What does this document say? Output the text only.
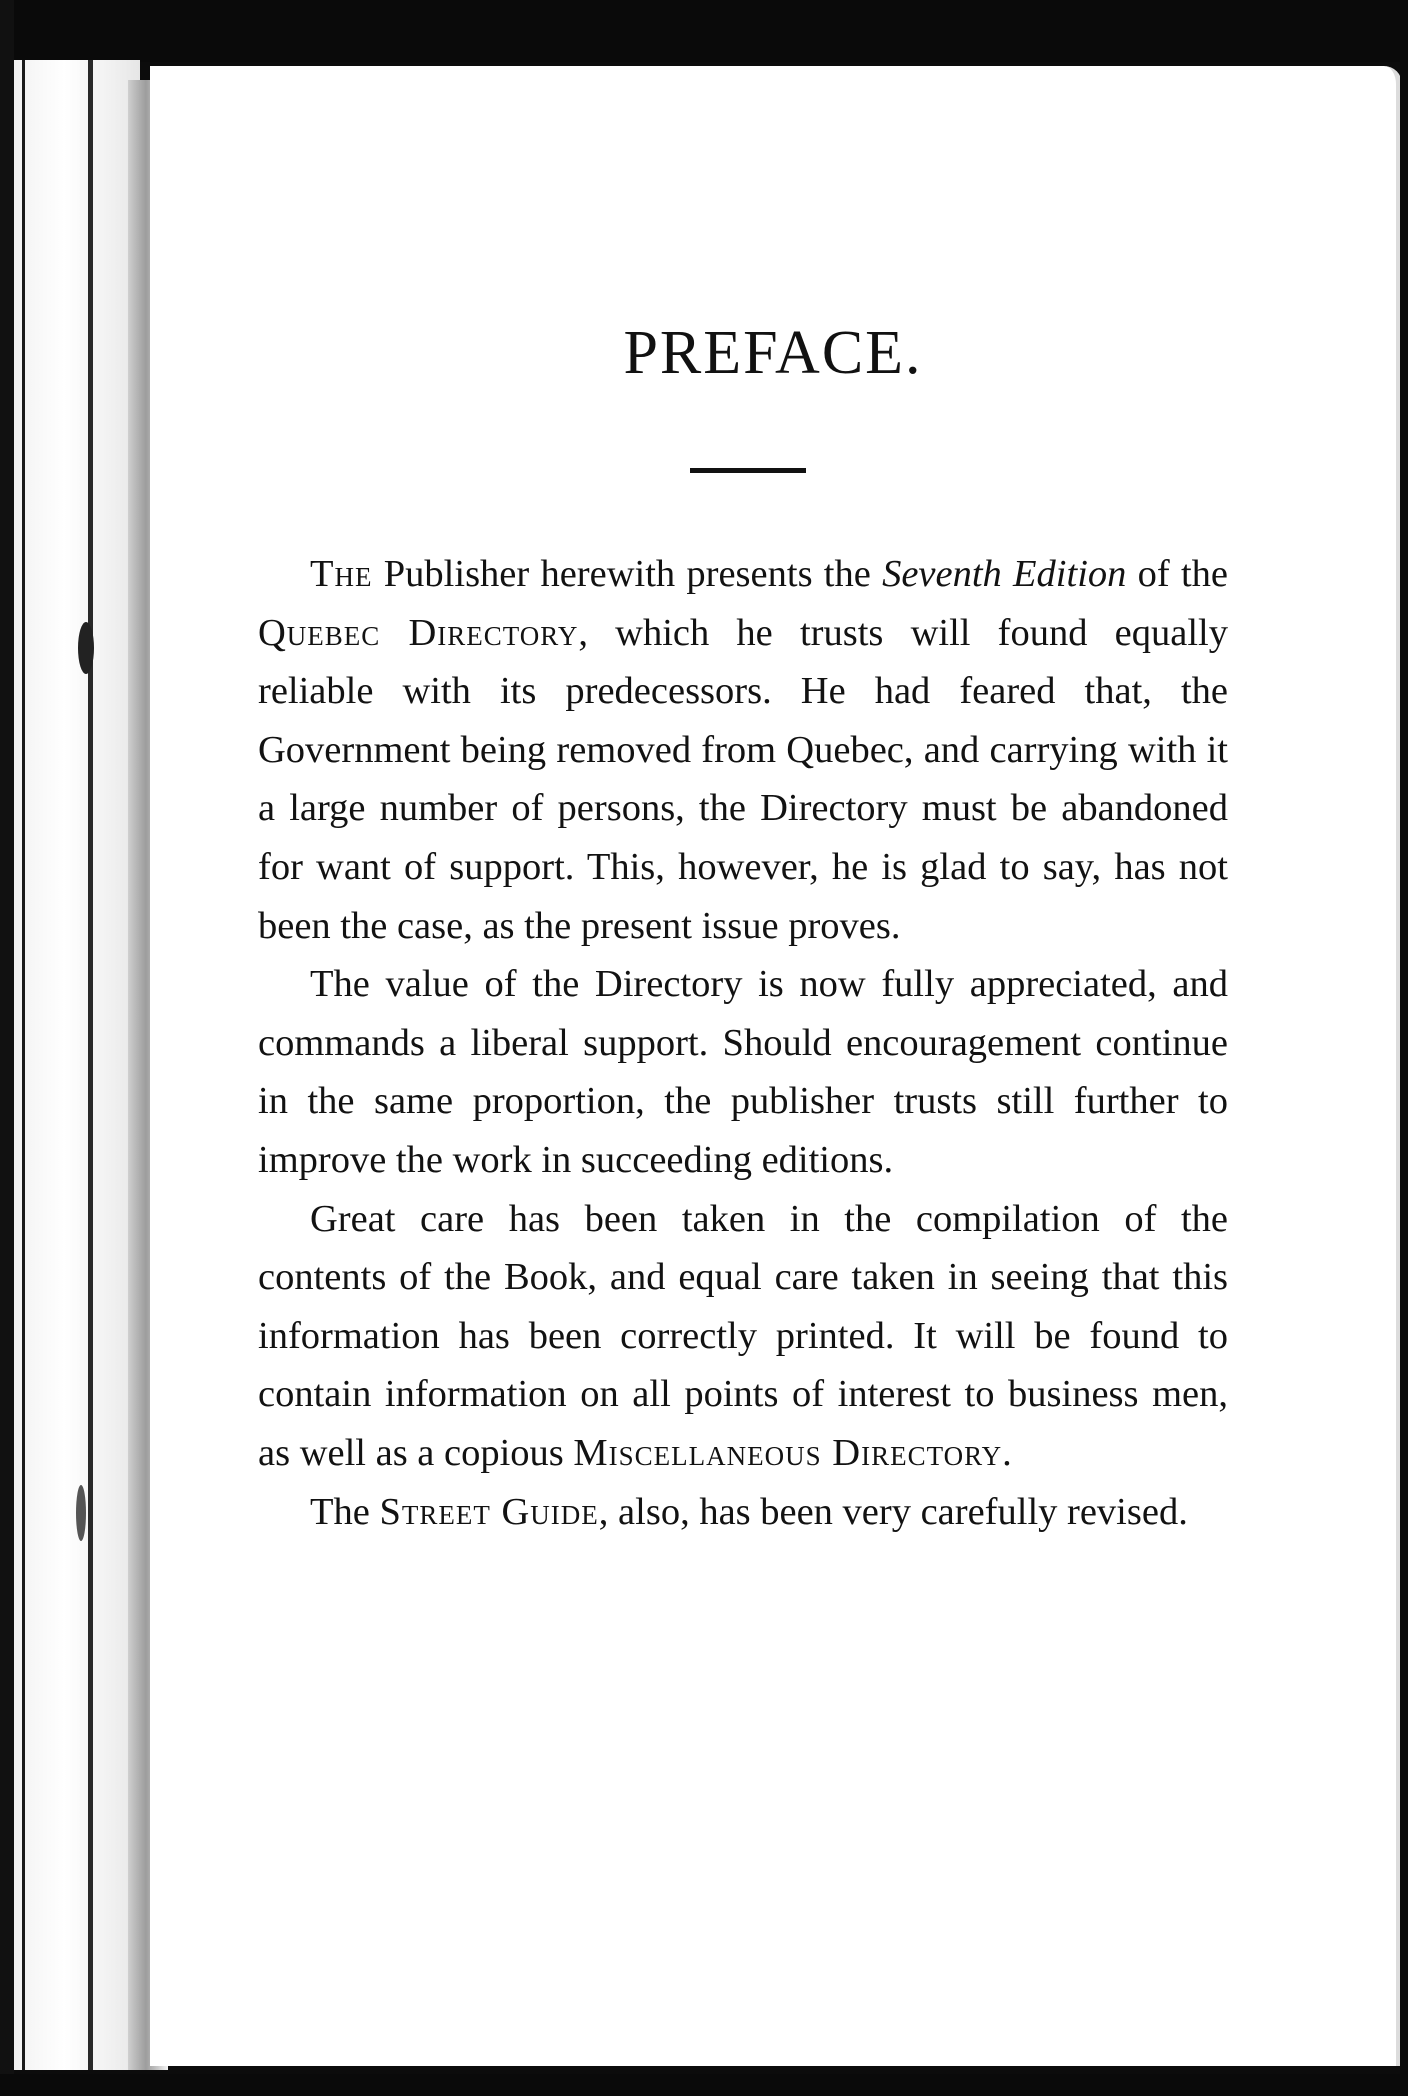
PREFACE.

The Publisher herewith presents the Seventh Edition of the Quebec Directory, which he trusts will found equally reliable with its predecessors. He had feared that, the Government being removed from Quebec, and carrying with it a large number of persons, the Directory must be abandoned for want of support. This, however, he is glad to say, has not been the case, as the present issue proves.

The value of the Directory is now fully appreciated, and commands a liberal support. Should encouragement continue in the same proportion, the publisher trusts still further to improve the work in succeeding editions.

Great care has been taken in the compilation of the contents of the Book, and equal care taken in seeing that this information has been correctly printed. It will be found to contain information on all points of interest to business men, as well as a copious Miscellaneous Directory.

The Street Guide, also, has been very carefully revised.
